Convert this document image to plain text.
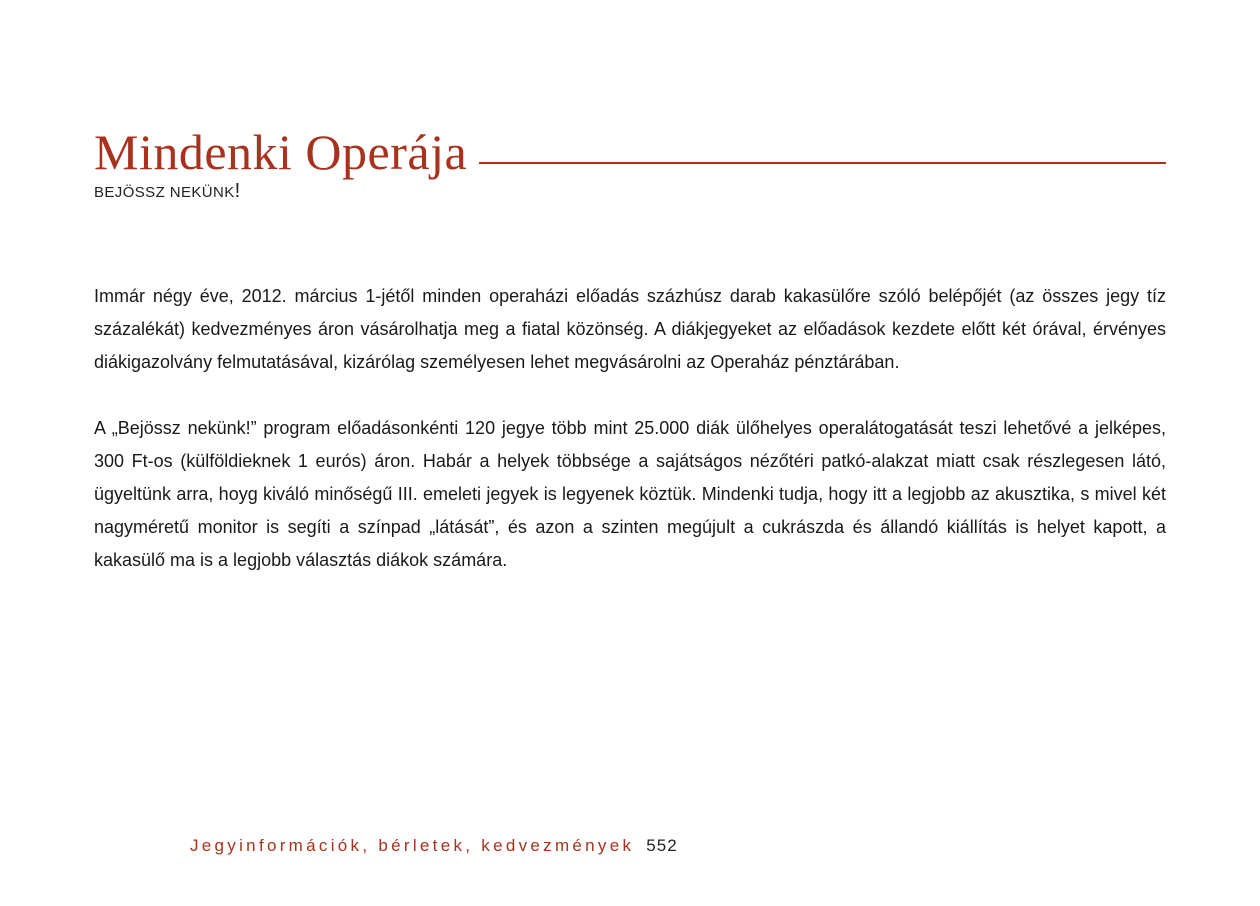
Mindenki Operája
BEJÖSSZ NEKÜNK!

Immár négy éve, 2012. március 1-jétől minden operaházi előadás százhúsz darab kakasülőre szóló belépőjét (az összes jegy tíz százalékát) kedvezményes áron vásárolhatja meg a fiatal közönség. A diákjegyeket az előadások kezdete előtt két órával, érvényes diákigazolvány felmutatásával, kizárólag személyesen lehet megvásárolni az Operaház pénztárában.

A „Bejössz nekünk!” program előadásonkénti 120 jegye több mint 25.000 diák ülőhelyes operalátogatását teszi lehetővé a jelképes, 300 Ft-os (külföldieknek 1 eurós) áron. Habár a helyek többsége a sajátságos nézőtéri patkó-alakzat miatt csak részlegesen látó, ügyeltünk arra, hoyg kiváló minőségű III. emeleti jegyek is legyenek köztük. Mindenki tudja, hogy itt a legjobb az akusztika, s mivel két nagyméretű monitor is segíti a színpad „látását”, és azon a szinten megújult a cukrászda és állandó kiállítás is helyet kapott, a kakasülő ma is a legjobb választás diákok számára.

Jegyinformációk, bérletek, kedvezmények 552
